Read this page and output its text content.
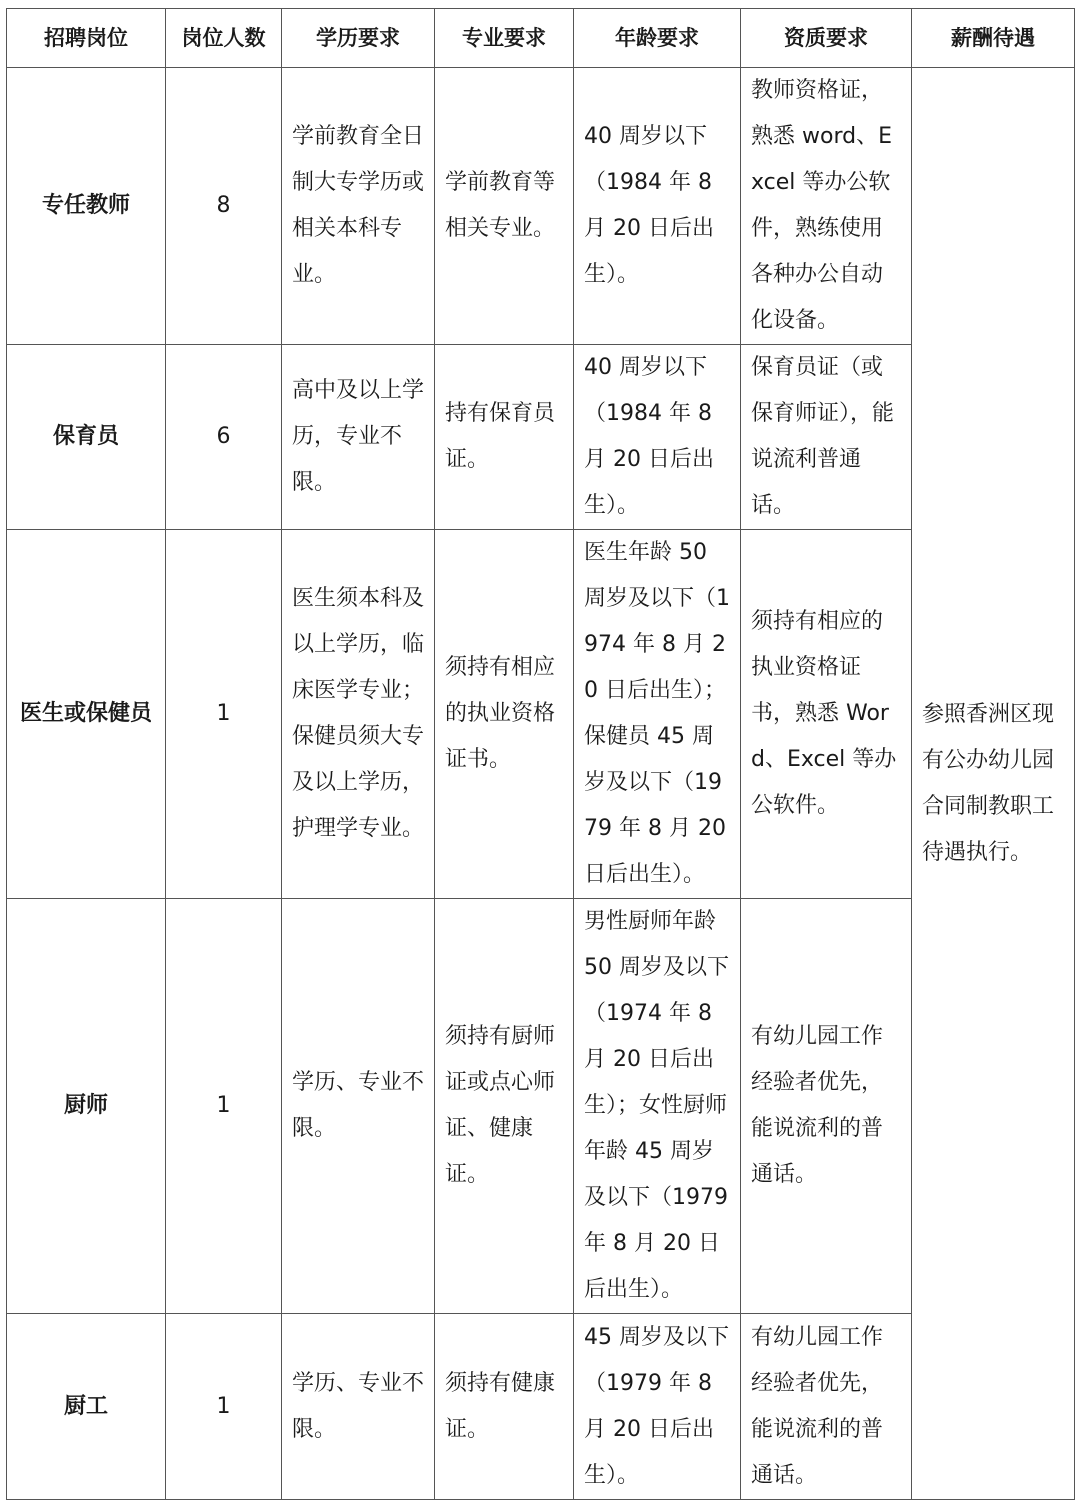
招聘岗位	岗位人数	学历要求	专业要求	年龄要求	资质要求	薪酬待遇
专任教师	8	学前教育全日制大专学历或相关本科专业。	学前教育等相关专业。	40 周岁以下（1984 年 8 月 20 日后出生）。	教师资格证，熟悉 word、Excel 等办公软件，熟练使用各种办公自动化设备。	参照香洲区现有公办幼儿园合同制教职工待遇执行。
保育员	6	高中及以上学历，专业不限。	持有保育员证。	40 周岁以下（1984 年 8 月 20 日后出生）。	保育员证（或保育师证），能说流利普通话。	
医生或保健员	1	医生须本科及以上学历，临床医学专业；保健员须大专及以上学历，护理学专业。	须持有相应的执业资格证书。	医生年龄 50 周岁及以下（1974 年 8 月 20 日后出生）；保健员 45 周岁及以下（1979 年 8 月 20 日后出生）。	须持有相应的执业资格证书，熟悉 Word、Excel 等办公软件。	
厨师	1	学历、专业不限。	须持有厨师证或点心师证、健康证。	男性厨师年龄 50 周岁及以下（1974 年 8 月 20 日后出生）；女性厨师年龄 45 周岁及以下（1979 年 8 月 20 日后出生）。	有幼儿园工作经验者优先，能说流利的普通话。	
厨工	1	学历、专业不限。	须持有健康证。	45 周岁及以下（1979 年 8 月 20 日后出生）。	有幼儿园工作经验者优先，能说流利的普通话。	
